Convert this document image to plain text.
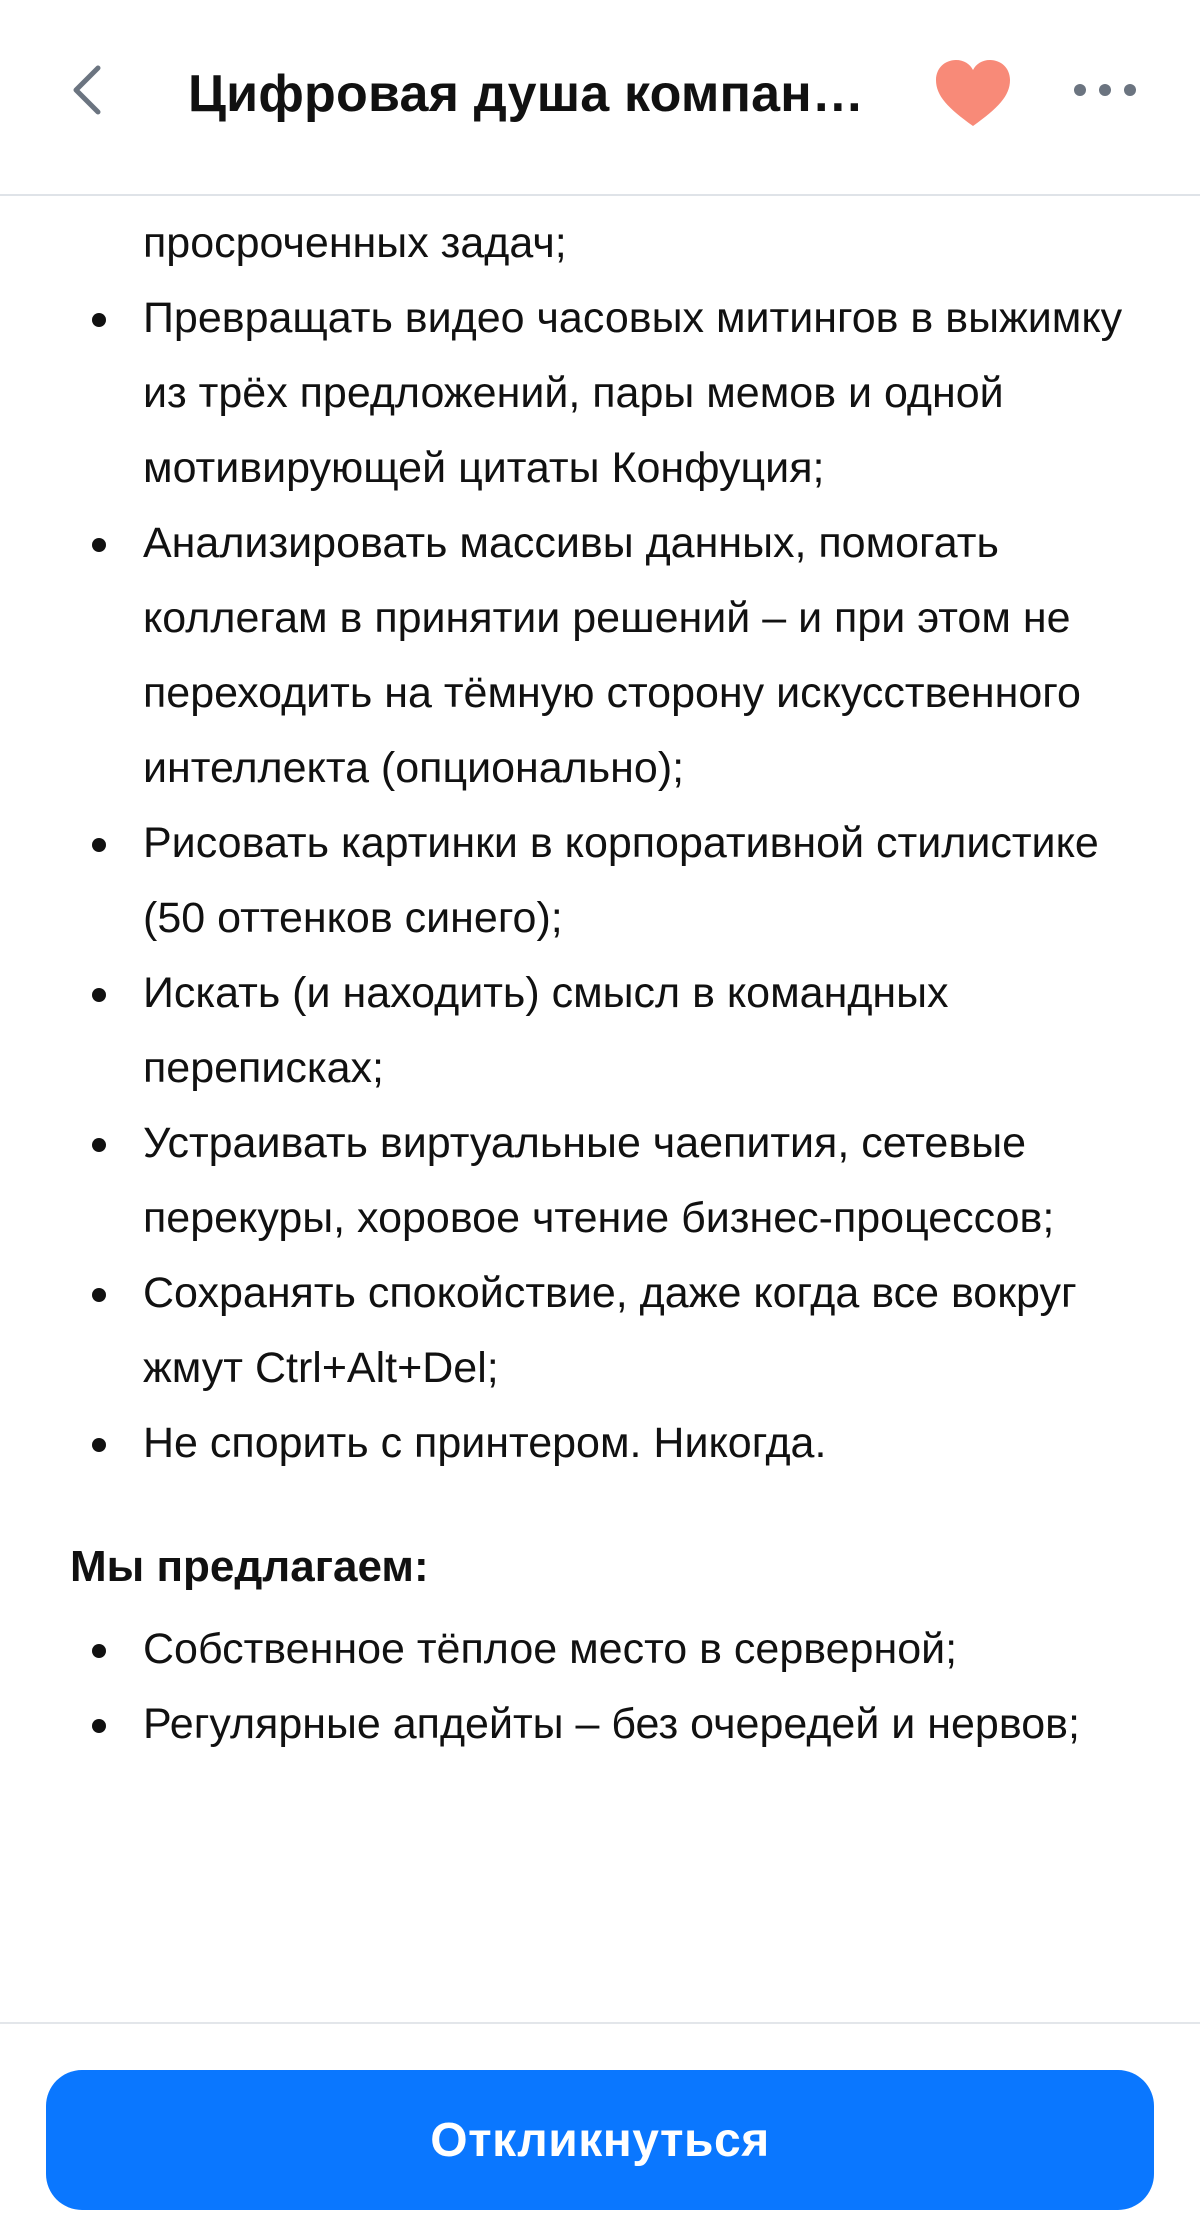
Цифровая душа компан…
просроченных задач;
Превращать видео часовых митингов в выжимку из трёх предложений, пары мемов и одной мотивирующей цитаты Конфуция;
Анализировать массивы данных, помогать коллегам в принятии решений – и при этом не переходить на тёмную сторону искусственного интеллекта (опционально);
Рисовать картинки в корпоративной стилистике (50 оттенков синего);
Искать (и находить) смысл в командных переписках;
Устраивать виртуальные чаепития, сетевые перекуры, хоровое чтение бизнес-процессов;
Сохранять спокойствие, даже когда все вокруг жмут Ctrl+Alt+Del;
Не спорить с принтером. Никогда.
Мы предлагаем:
Собственное тёплое место в серверной;
Регулярные апдейты – без очередей и нервов;
Откликнуться
